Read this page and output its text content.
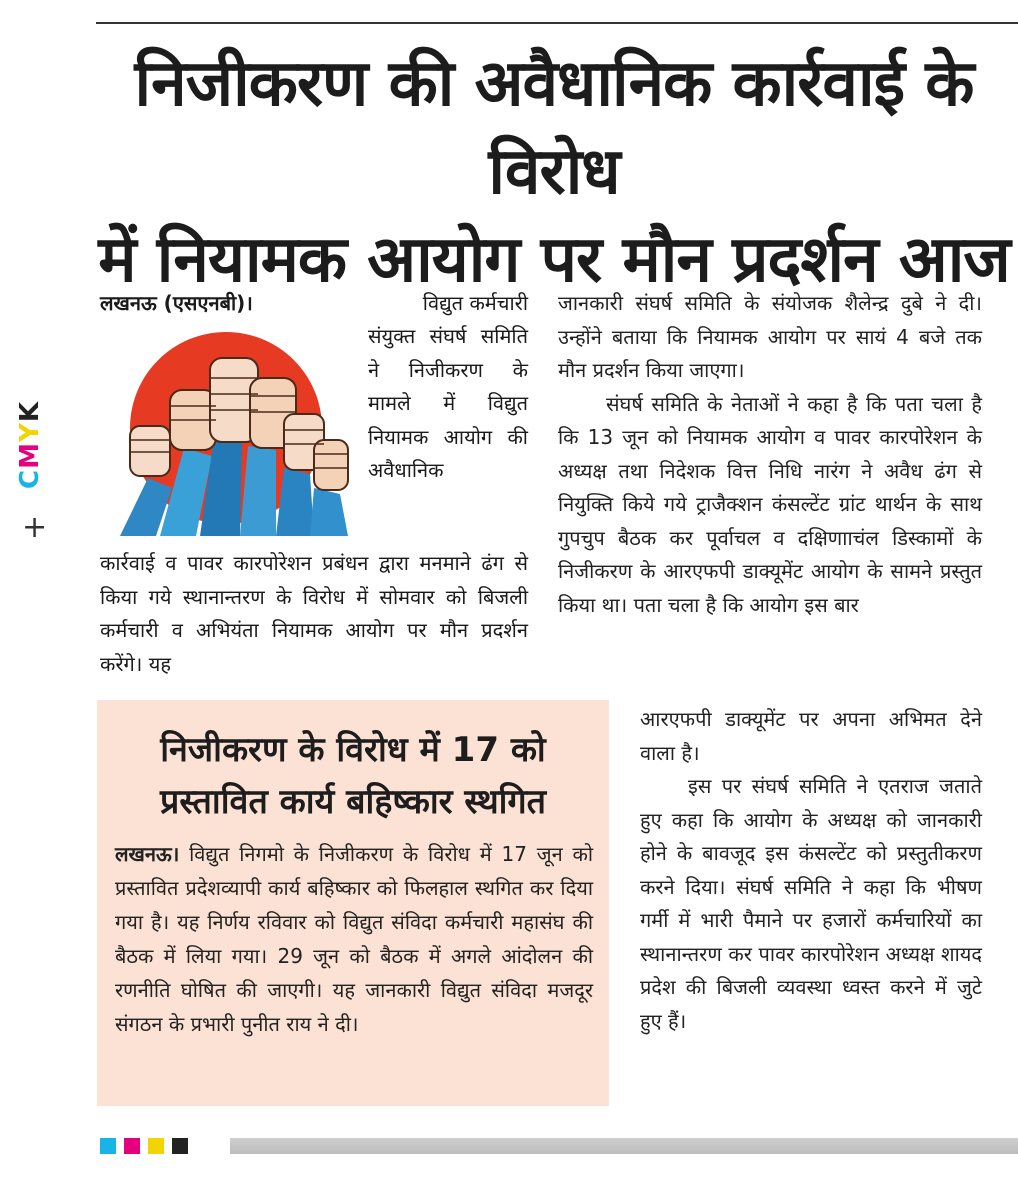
CMYK
+
निजीकरण की अवैधानिक कार्रवाई के विरोध
में नियामक आयोग पर मौन प्रदर्शन आज
लखनऊ (एसएनबी)।	विद्युत कर्मचारी
संयुक्त संघर्ष समिति ने निजीकरण के मामले में विद्युत नियामक आयोग की अवैधानिक
कार्रवाई व पावर कारपोरेशन प्रबंधन द्वारा मनमाने ढंग से किया गये स्थानान्तरण के विरोध में सोमवार को बिजली कर्मचारी व अभियंता नियामक आयोग पर मौन प्रदर्शन करेंगे। यह

जानकारी संघर्ष समिति के संयोजक शैलेन्द्र दुबे ने दी। उन्होंने बताया कि नियामक आयोग पर सायं 4 बजे तक मौन प्रदर्शन किया जाएगा।

संघर्ष समिति के नेताओं ने कहा है कि पता चला है कि 13 जून को नियामक आयोग व पावर कारपोरेशन के अध्यक्ष तथा निदेशक वित्त निधि नारंग ने अवैध ढंग से नियुक्ति किये गये ट्राजैक्शन कंसल्टेंट ग्रांट थार्थन के साथ गुपचुप बैठक कर पूर्वाचल व दक्षिणााचंल डिस्कामों के निजीकरण के आरएफपी डाक्यूमेंट आयोग के सामने प्रस्तुत किया था। पता चला है कि आयोग इस बार

आरएफपी डाक्यूमेंट पर अपना अभिमत देने वाला है।

इस पर संघर्ष समिति ने एतराज जताते हुए कहा कि आयोग के अध्यक्ष को जानकारी होने के बावजूद इस कंसल्टेंट को प्रस्तुतीकरण करने दिया। संघर्ष समिति ने कहा कि भीषण गर्मी में भारी पैमाने पर हजारों कर्मचारियों का स्थानान्तरण कर पावर कारपोरेशन अध्यक्ष शायद प्रदेश की बिजली व्यवस्था ध्वस्त करने में जुटे हुए हैं।

निजीकरण के विरोध में 17 को
प्रस्तावित कार्य बहिष्कार स्थगित
लखनऊ। विद्युत निगमो के निजीकरण के विरोध में 17 जून को प्रस्तावित प्रदेशव्यापी कार्य बहिष्कार को फिलहाल स्थगित कर दिया गया है। यह निर्णय रविवार को विद्युत संविदा कर्मचारी महासंघ की बैठक में लिया गया। 29 जून को बैठक में अगले आंदोलन की रणनीति घोषित की जाएगी। यह जानकारी विद्युत संविदा मजदूर संगठन के प्रभारी पुनीत राय ने दी।
